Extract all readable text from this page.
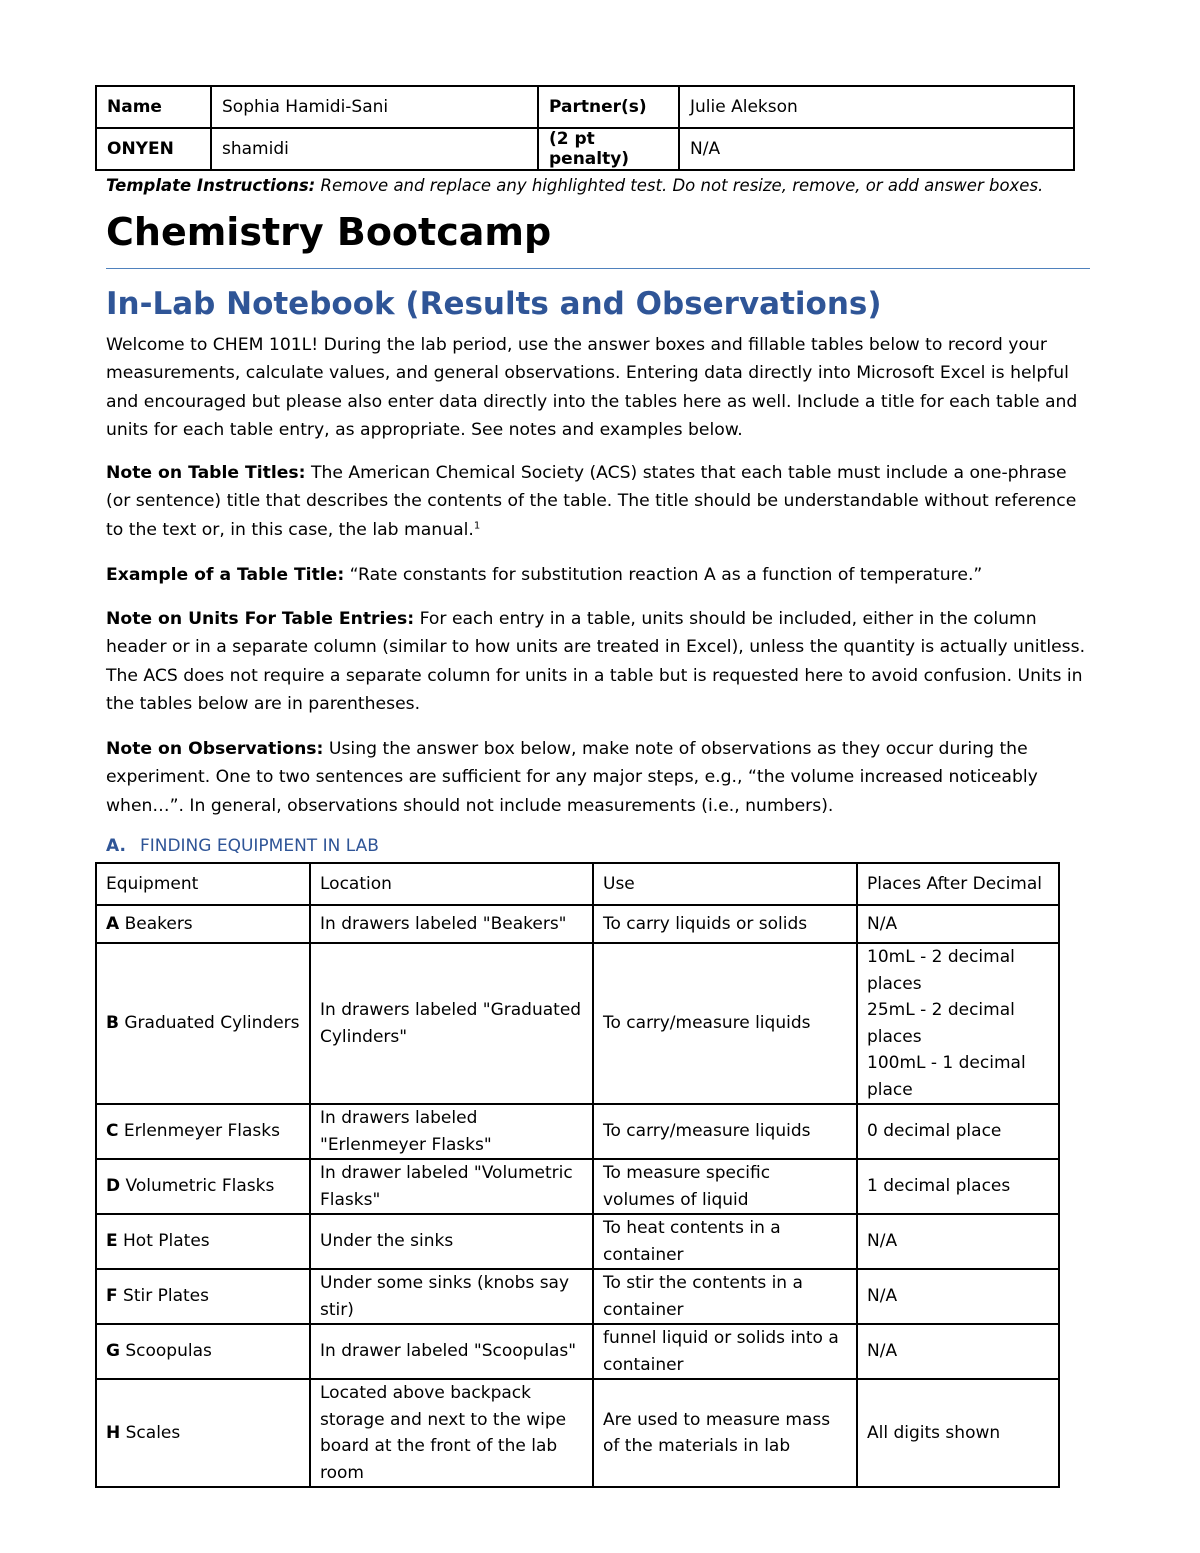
Name	Sophia Hamidi-Sani	Partner(s)	Julie Alekson
ONYEN	shamidi	(2 pt penalty)	N/A
Template Instructions: Remove and replace any highlighted test. Do not resize, remove, or add answer boxes.
Chemistry Bootcamp
In-Lab Notebook (Results and Observations)

Welcome to CHEM 101L! During the lab period, use the answer boxes and fillable tables below to record your measurements, calculate values, and general observations. Entering data directly into Microsoft Excel is helpful and encouraged but please also enter data directly into the tables here as well. Include a title for each table and units for each table entry, as appropriate. See notes and examples below.

Note on Table Titles: The American Chemical Society (ACS) states that each table must include a one-phrase (or sentence) title that describes the contents of the table. The title should be understandable without reference to the text or, in this case, the lab manual.$^1$

Example of a Table Title: “Rate constants for substitution reaction A as a function of temperature.”

Note on Units For Table Entries: For each entry in a table, units should be included, either in the column header or in a separate column (similar to how units are treated in Excel), unless the quantity is actually unitless. The ACS does not require a separate column for units in a table but is requested here to avoid confusion. Units in the tables below are in parentheses.

Note on Observations: Using the answer box below, make note of observations as they occur during the experiment. One to two sentences are sufficient for any major steps, e.g., “the volume increased noticeably when…”. In general, observations should not include measurements (i.e., numbers).

A. FINDING EQUIPMENT IN LAB
Equipment	Location	Use	Places After Decimal
A Beakers	In drawers labeled "Beakers"	To carry liquids or solids	N/A
B Graduated Cylinders	In drawers labeled "Graduated Cylinders"	To carry/measure liquids	10mL - 2 decimal places
25mL - 2 decimal places
100mL - 1 decimal place

C Erlenmeyer Flasks	In drawers labeled "Erlenmeyer Flasks"	To carry/measure liquids	0 decimal place
D Volumetric Flasks	In drawer labeled "Volumetric Flasks"	To measure specific volumes of liquid	1 decimal places
E Hot Plates	Under the sinks	To heat contents in a container	N/A
F Stir Plates	Under some sinks (knobs say stir)	To stir the contents in a container	N/A
G Scoopulas	In drawer labeled "Scoopulas"	funnel liquid or solids into a container	N/A
H Scales	Located above backpack storage and next to the wipe board at the front of the lab room	Are used to measure mass of the materials in lab	All digits shown
